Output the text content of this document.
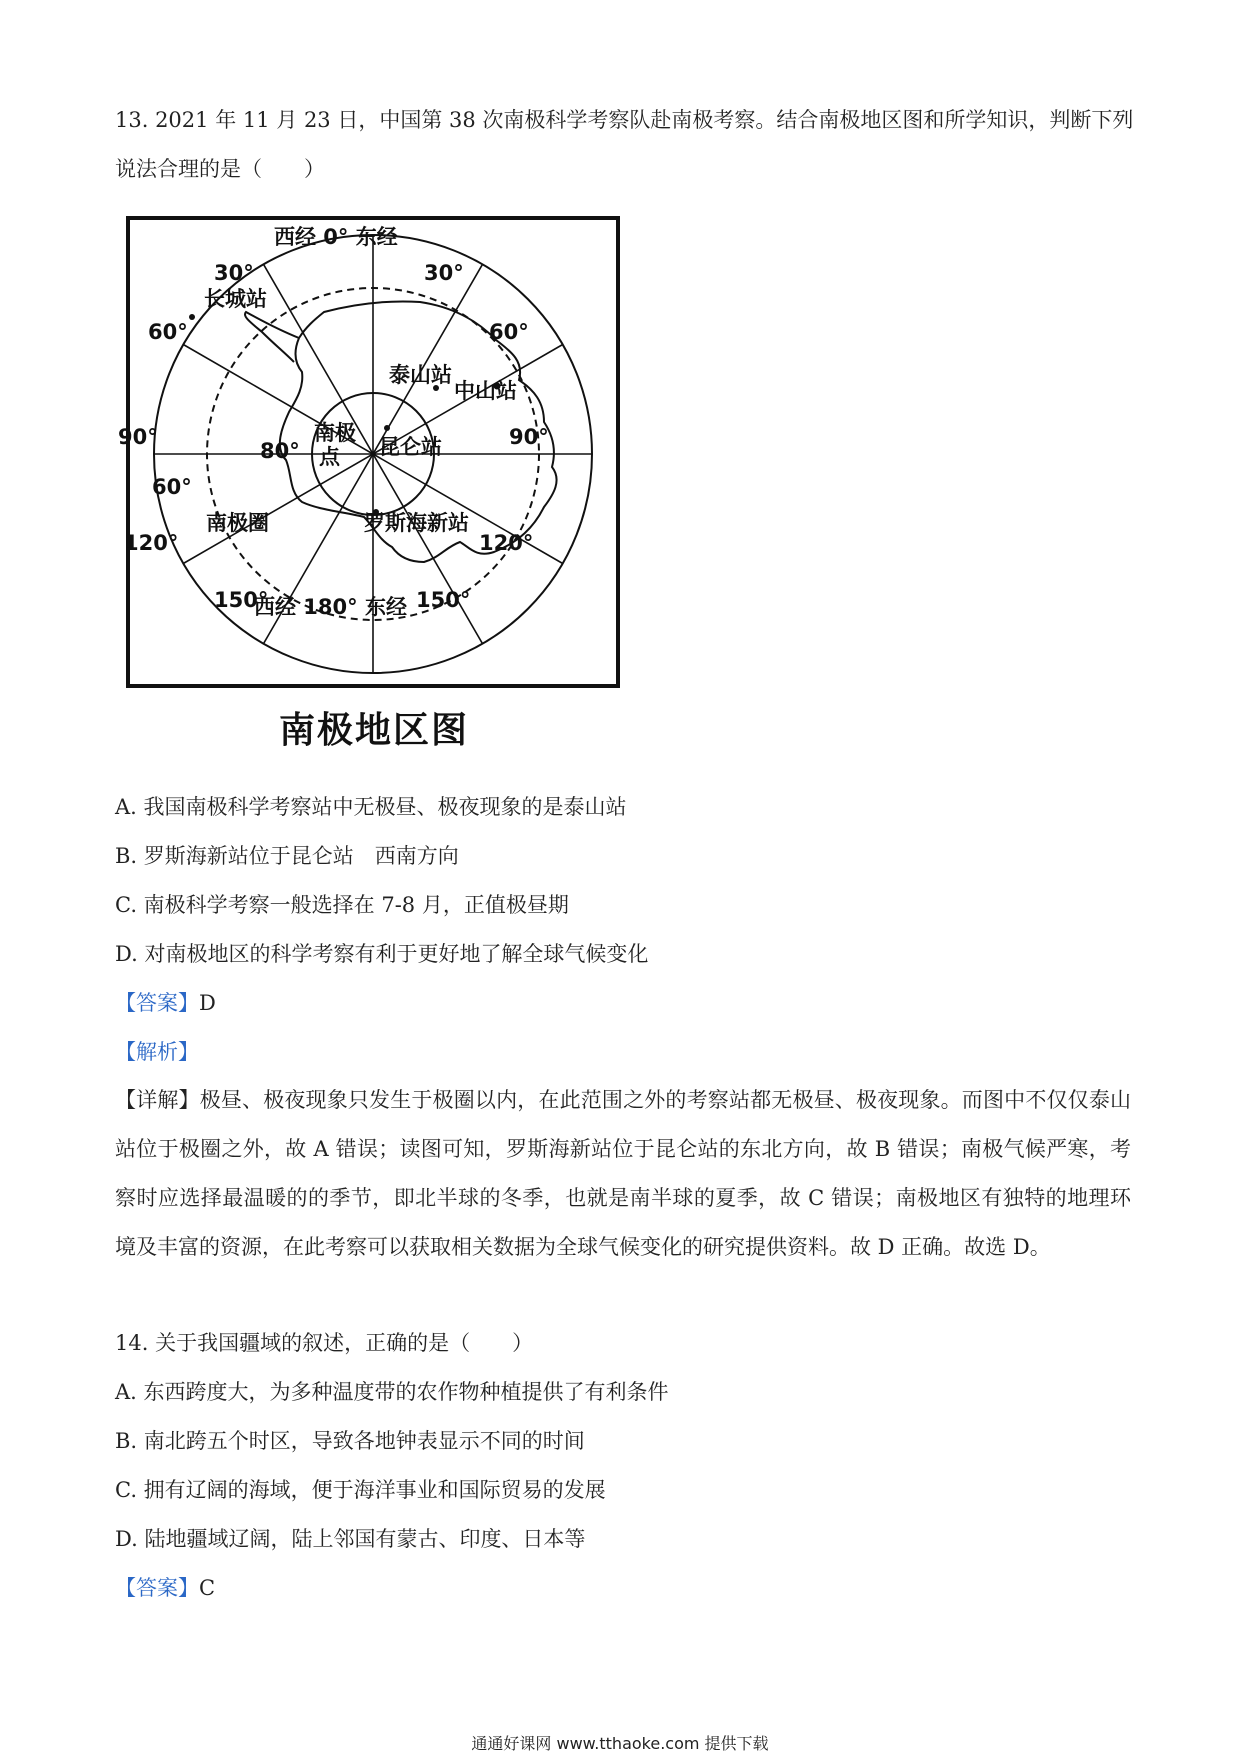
13. 2021 年 11 月 23 日，中国第 38 次南极科学考察队赴南极考察。结合南极地区图和所学知识，判断下列
说法合理的是（　　）
西经 0° 东经
西经 180° 东经
30°	30°
60°	60°
90°	90°
120°	120°
150°	150°
80°
60°
南极
点
长城站
泰山站
中山站
昆仑站
罗斯海新站
南极圈
南极地区图
A. 我国南极科学考察站中无极昼、极夜现象的是泰山站
B. 罗斯海新站位于昆仑站　西南方向
C. 南极科学考察一般选择在 7-8 月，正值极昼期
D. 对南极地区的科学考察有利于更好地了解全球气候变化
【答案】D
【解析】
【详解】极昼、极夜现象只发生于极圈以内，在此范围之外的考察站都无极昼、极夜现象。而图中不仅仅泰山站位于极圈之外，故 A 错误；读图可知，罗斯海新站位于昆仑站的东北方向，故 B 错误；南极气候严寒，考察时应选择最温暖的的季节，即北半球的冬季，也就是南半球的夏季，故 C 错误；南极地区有独特的地理环境及丰富的资源，在此考察可以获取相关数据为全球气候变化的研究提供资料。故 D 正确。故选 D。
14. 关于我国疆域的叙述，正确的是（　　）
A. 东西跨度大，为多种温度带的农作物种植提供了有利条件
B. 南北跨五个时区，导致各地钟表显示不同的时间
C. 拥有辽阔的海域，便于海洋事业和国际贸易的发展
D. 陆地疆域辽阔，陆上邻国有蒙古、印度、日本等
【答案】C
通通好课网 www.tthaoke.com 提供下载
